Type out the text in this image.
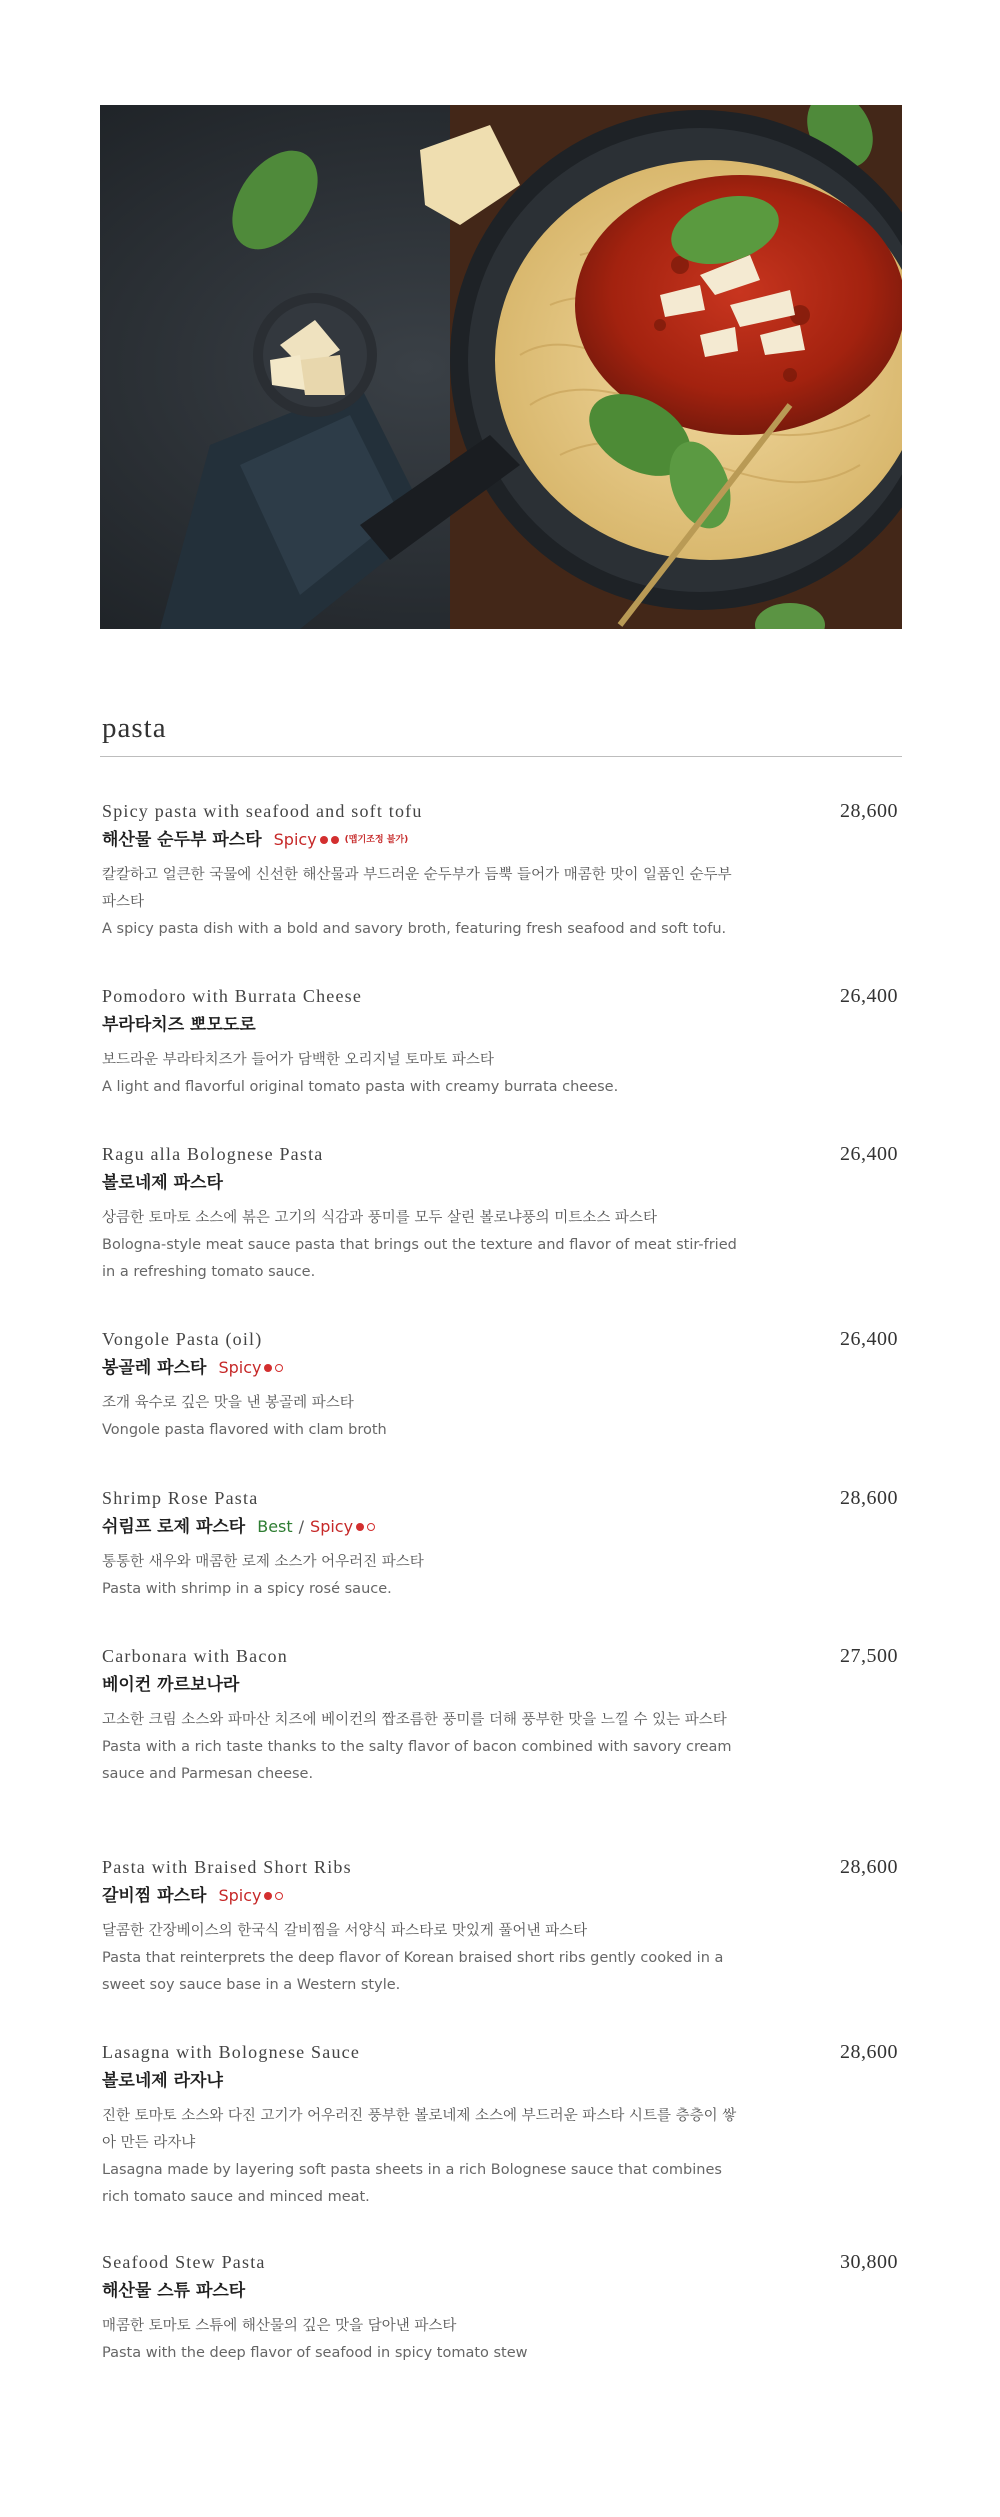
pasta
Spicy pasta with seafood and soft tofu
해산물 순두부 파스타 Spicy	(맵기조정 불가)
칼칼하고 얼큰한 국물에 신선한 해산물과 부드러운 순두부가 듬뿍 들어가 매콤한 맛이 일품인 순두부 파스타
A spicy pasta dish with a bold and savory broth, featuring fresh seafood and soft tofu.
28,600
Pomodoro with Burrata Cheese
부라타치즈 뽀모도로
보드라운 부라타치즈가 들어가 담백한 오리지널 토마토 파스타
A light and flavorful original tomato pasta with creamy burrata cheese.
26,400
Ragu alla Bolognese Pasta
볼로네제 파스타
상큼한 토마토 소스에 볶은 고기의 식감과 풍미를 모두 살린 볼로냐풍의 미트소스 파스타
Bologna-style meat sauce pasta that brings out the texture and flavor of meat stir-fried in a refreshing tomato sauce.
26,400
Vongole Pasta (oil)
봉골레 파스타 Spicy
조개 육수로 깊은 맛을 낸 봉골레 파스타
Vongole pasta flavored with clam broth
26,400
Shrimp Rose Pasta
쉬림프 로제 파스타 Best / Spicy
통통한 새우와 매콤한 로제 소스가 어우러진 파스타
Pasta with shrimp in a spicy rosé sauce.
28,600
Carbonara with Bacon
베이컨 까르보나라
고소한 크림 소스와 파마산 치즈에 베이컨의 짭조름한 풍미를 더해 풍부한 맛을 느낄 수 있는 파스타
Pasta with a rich taste thanks to the salty flavor of bacon combined with savory cream sauce and Parmesan cheese.
27,500
Pasta with Braised Short Ribs
갈비찜 파스타 Spicy
달콤한 간장베이스의 한국식 갈비찜을 서양식 파스타로 맛있게 풀어낸 파스타
Pasta that reinterprets the deep flavor of Korean braised short ribs gently cooked in a sweet soy sauce base in a Western style.
28,600
Lasagna with Bolognese Sauce
볼로네제 라자냐
진한 토마토 소스와 다진 고기가 어우러진 풍부한 볼로네제 소스에 부드러운 파스타 시트를 층층이 쌓아 만든 라자냐
Lasagna made by layering soft pasta sheets in a rich Bolognese sauce that combines rich tomato sauce and minced meat.
28,600
Seafood Stew Pasta
해산물 스튜 파스타
매콤한 토마토 스튜에 해산물의 깊은 맛을 담아낸 파스타
Pasta with the deep flavor of seafood in spicy tomato stew
30,800
